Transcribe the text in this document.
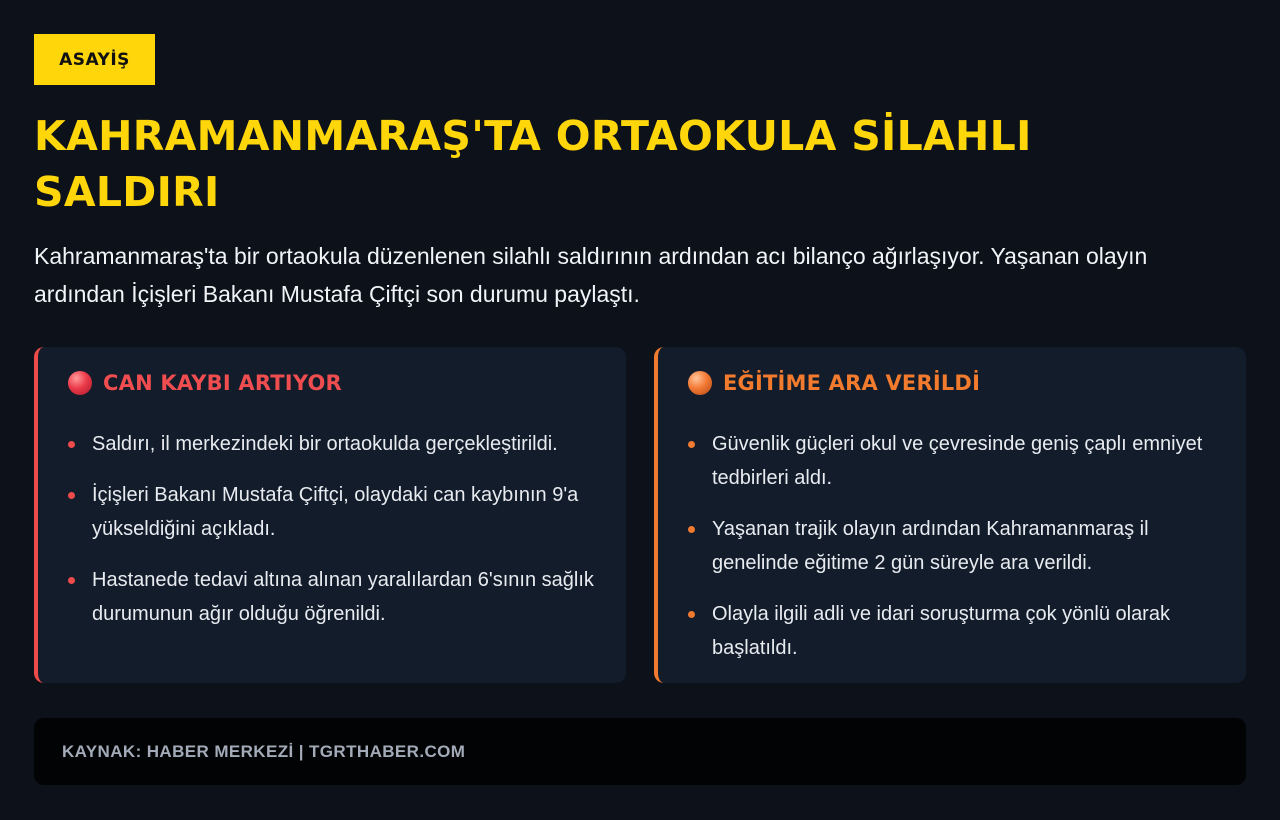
ASAYİŞ
KAHRAMANMARAŞ'TA ORTAOKULA SİLAHLI SALDIRI

Kahramanmaraş'ta bir ortaokula düzenlenen silahlı saldırının ardından acı bilanço ağırlaşıyor. Yaşanan olayın ardından İçişleri Bakanı Mustafa Çiftçi son durumu paylaştı.

CAN KAYBI ARTIYOR
Saldırı, il merkezindeki bir ortaokulda gerçekleştirildi.
İçişleri Bakanı Mustafa Çiftçi, olaydaki can kaybının 9'a yükseldiğini açıkladı.
Hastanede tedavi altına alınan yaralılardan 6'sının sağlık durumunun ağır olduğu öğrenildi.
EĞİTİME ARA VERİLDİ
Güvenlik güçleri okul ve çevresinde geniş çaplı emniyet tedbirleri aldı.
Yaşanan trajik olayın ardından Kahramanmaraş il genelinde eğitime 2 gün süreyle ara verildi.
Olayla ilgili adli ve idari soruşturma çok yönlü olarak başlatıldı.
KAYNAK: HABER MERKEZİ | TGRTHABER.COM
